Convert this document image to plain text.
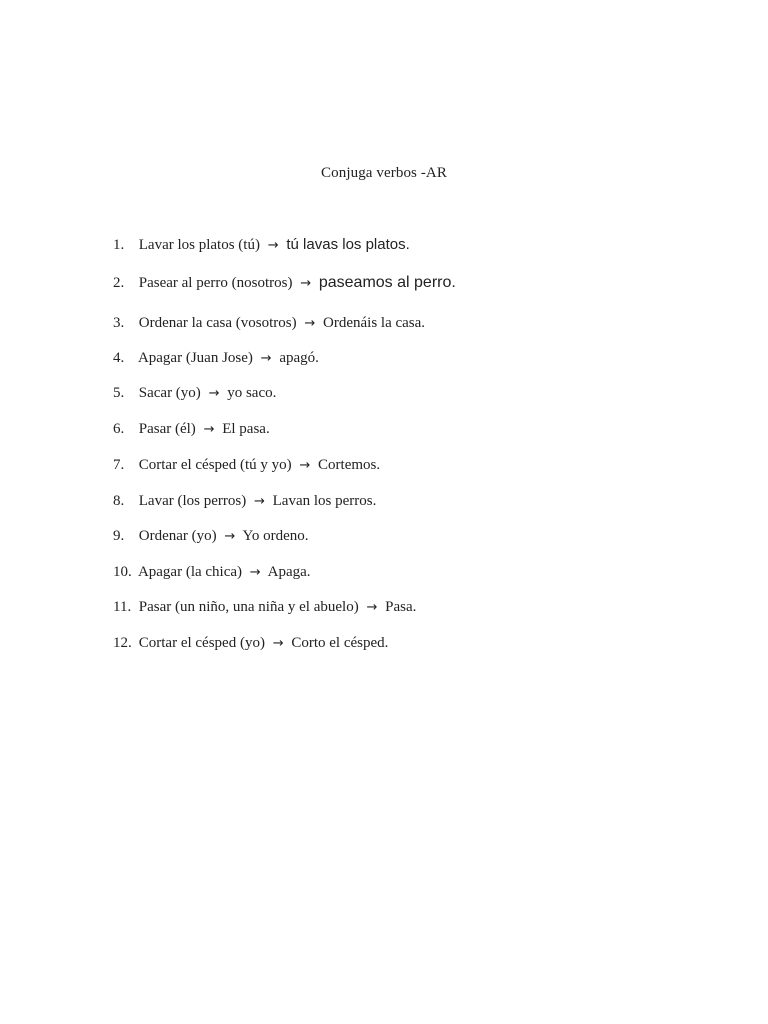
Conjuga verbos -AR
1. Lavar los platos (tú) → tú lavas los platos.
2. Pasear al perro (nosotros) → paseamos al perro.
3. Ordenar la casa (vosotros) → Ordenáis la casa.
4. Apagar (Juan Jose) → apagó.
5. Sacar (yo) → yo saco.
6. Pasar (él) → El pasa.
7. Cortar el césped (tú y yo) → Cortemos.
8. Lavar (los perros) → Lavan los perros.
9. Ordenar (yo) → Yo ordeno.
10. Apagar (la chica) → Apaga.
11. Pasar (un niño, una niña y el abuelo) → Pasa.
12. Cortar el césped (yo) → Corto el césped.
